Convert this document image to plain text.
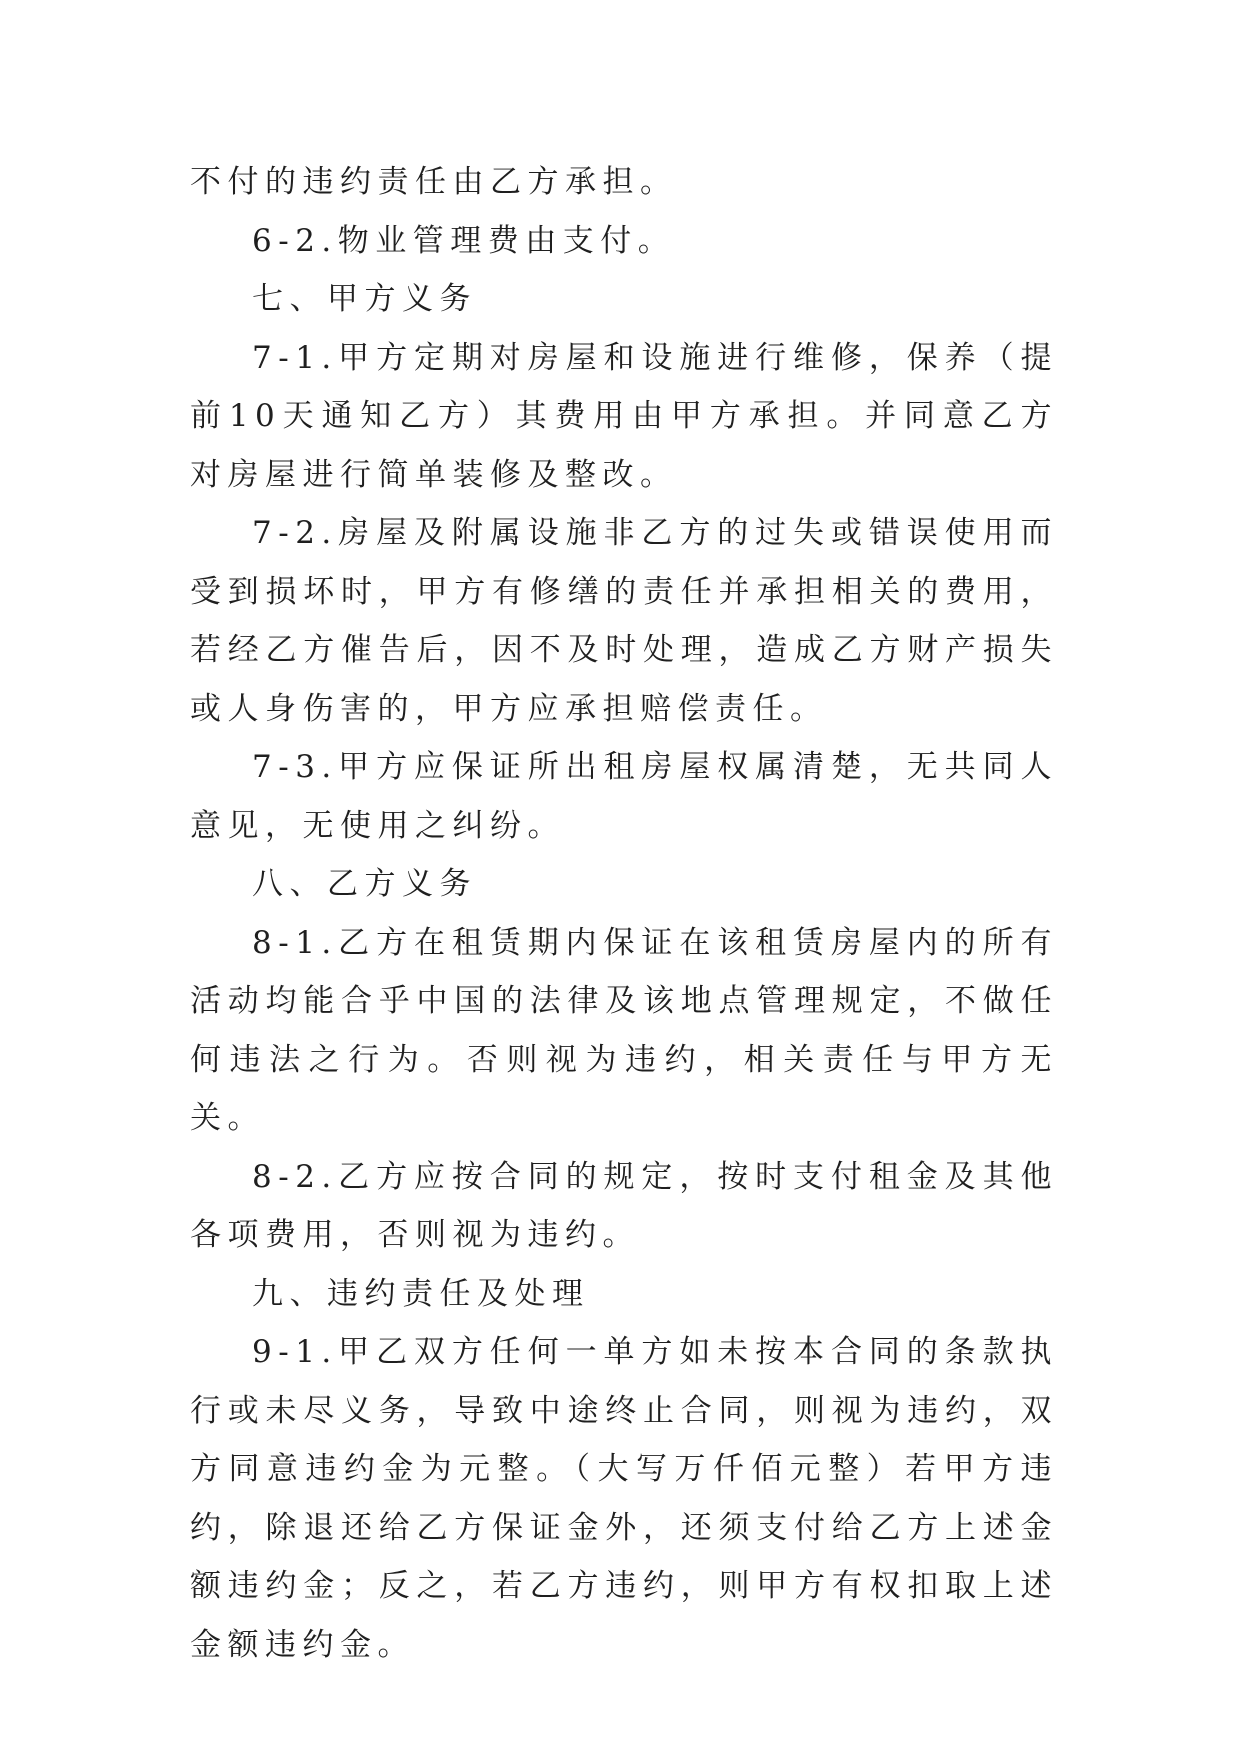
不付的违约责任由乙方承担。

6-2.物业管理费由支付。

七、甲方义务

7-1.甲方定期对房屋和设施进行维修，保养（提前10天通知乙方）其费用由甲方承担。并同意乙方对房屋进行简单装修及整改。

7-2.房屋及附属设施非乙方的过失或错误使用而受到损坏时，甲方有修缮的责任并承担相关的费用，若经乙方催告后，因不及时处理，造成乙方财产损失或人身伤害的，甲方应承担赔偿责任。

7-3.甲方应保证所出租房屋权属清楚，无共同人意见，无使用之纠纷。

八、乙方义务

8-1.乙方在租赁期内保证在该租赁房屋内的所有活动均能合乎中国的法律及该地点管理规定，不做任何违法之行为。否则视为违约，相关责任与甲方无关。

8-2.乙方应按合同的规定，按时支付租金及其他各项费用，否则视为违约。

九、违约责任及处理

9-1.甲乙双方任何一单方如未按本合同的条款执行或未尽义务，导致中途终止合同，则视为违约，双方同意违约金为元整。（大写万仟佰元整）若甲方违约，除退还给乙方保证金外，还须支付给乙方上述金额违约金；反之，若乙方违约，则甲方有权扣取上述金额违约金。
